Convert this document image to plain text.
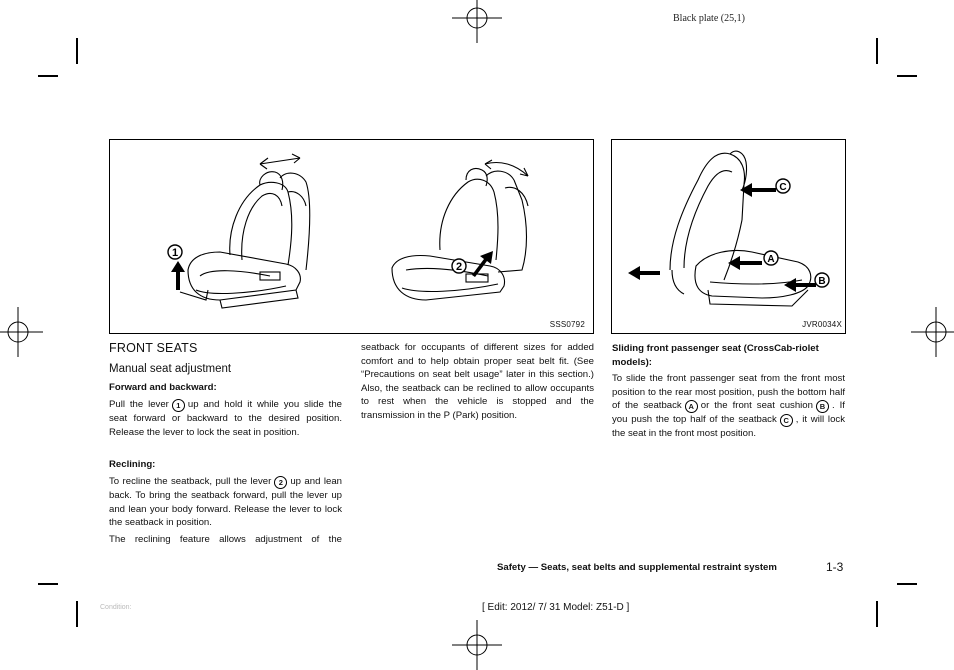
Black plate (25,1)
1
2
SSS0792
C
A
B
JVR0034X
FRONT SEATS
Manual seat adjustment
Forward and backward:
Pull the lever 1 up and hold it while you slide the seat forward or backward to the desired position. Release the lever to lock the seat in position.
Reclining:
To recline the seatback, pull the lever 2 up and lean back. To bring the seatback forward, pull the lever up and lean your body forward. Release the lever to lock the seatback in position.
The reclining feature allows adjustment of the
seatback for occupants of different sizes for added comfort and to help obtain proper seat belt fit. (See “Precautions on seat belt usage” later in this section.) Also, the seatback can be reclined to allow occupants to rest when the vehicle is stopped and the transmission in the P (Park) position.
Sliding front passenger seat (CrossCab-riolet models):
To slide the front passenger seat from the front most position to the rear most position, push the bottom half of the seatback A or the front seat cushion B . If you push the top half of the seatback C , it will lock the seat in the front most position.
Safety — Seats, seat belts and supplemental restraint system	1-3
Condition:	[ Edit: 2012/ 7/ 31 Model: Z51-D ]
